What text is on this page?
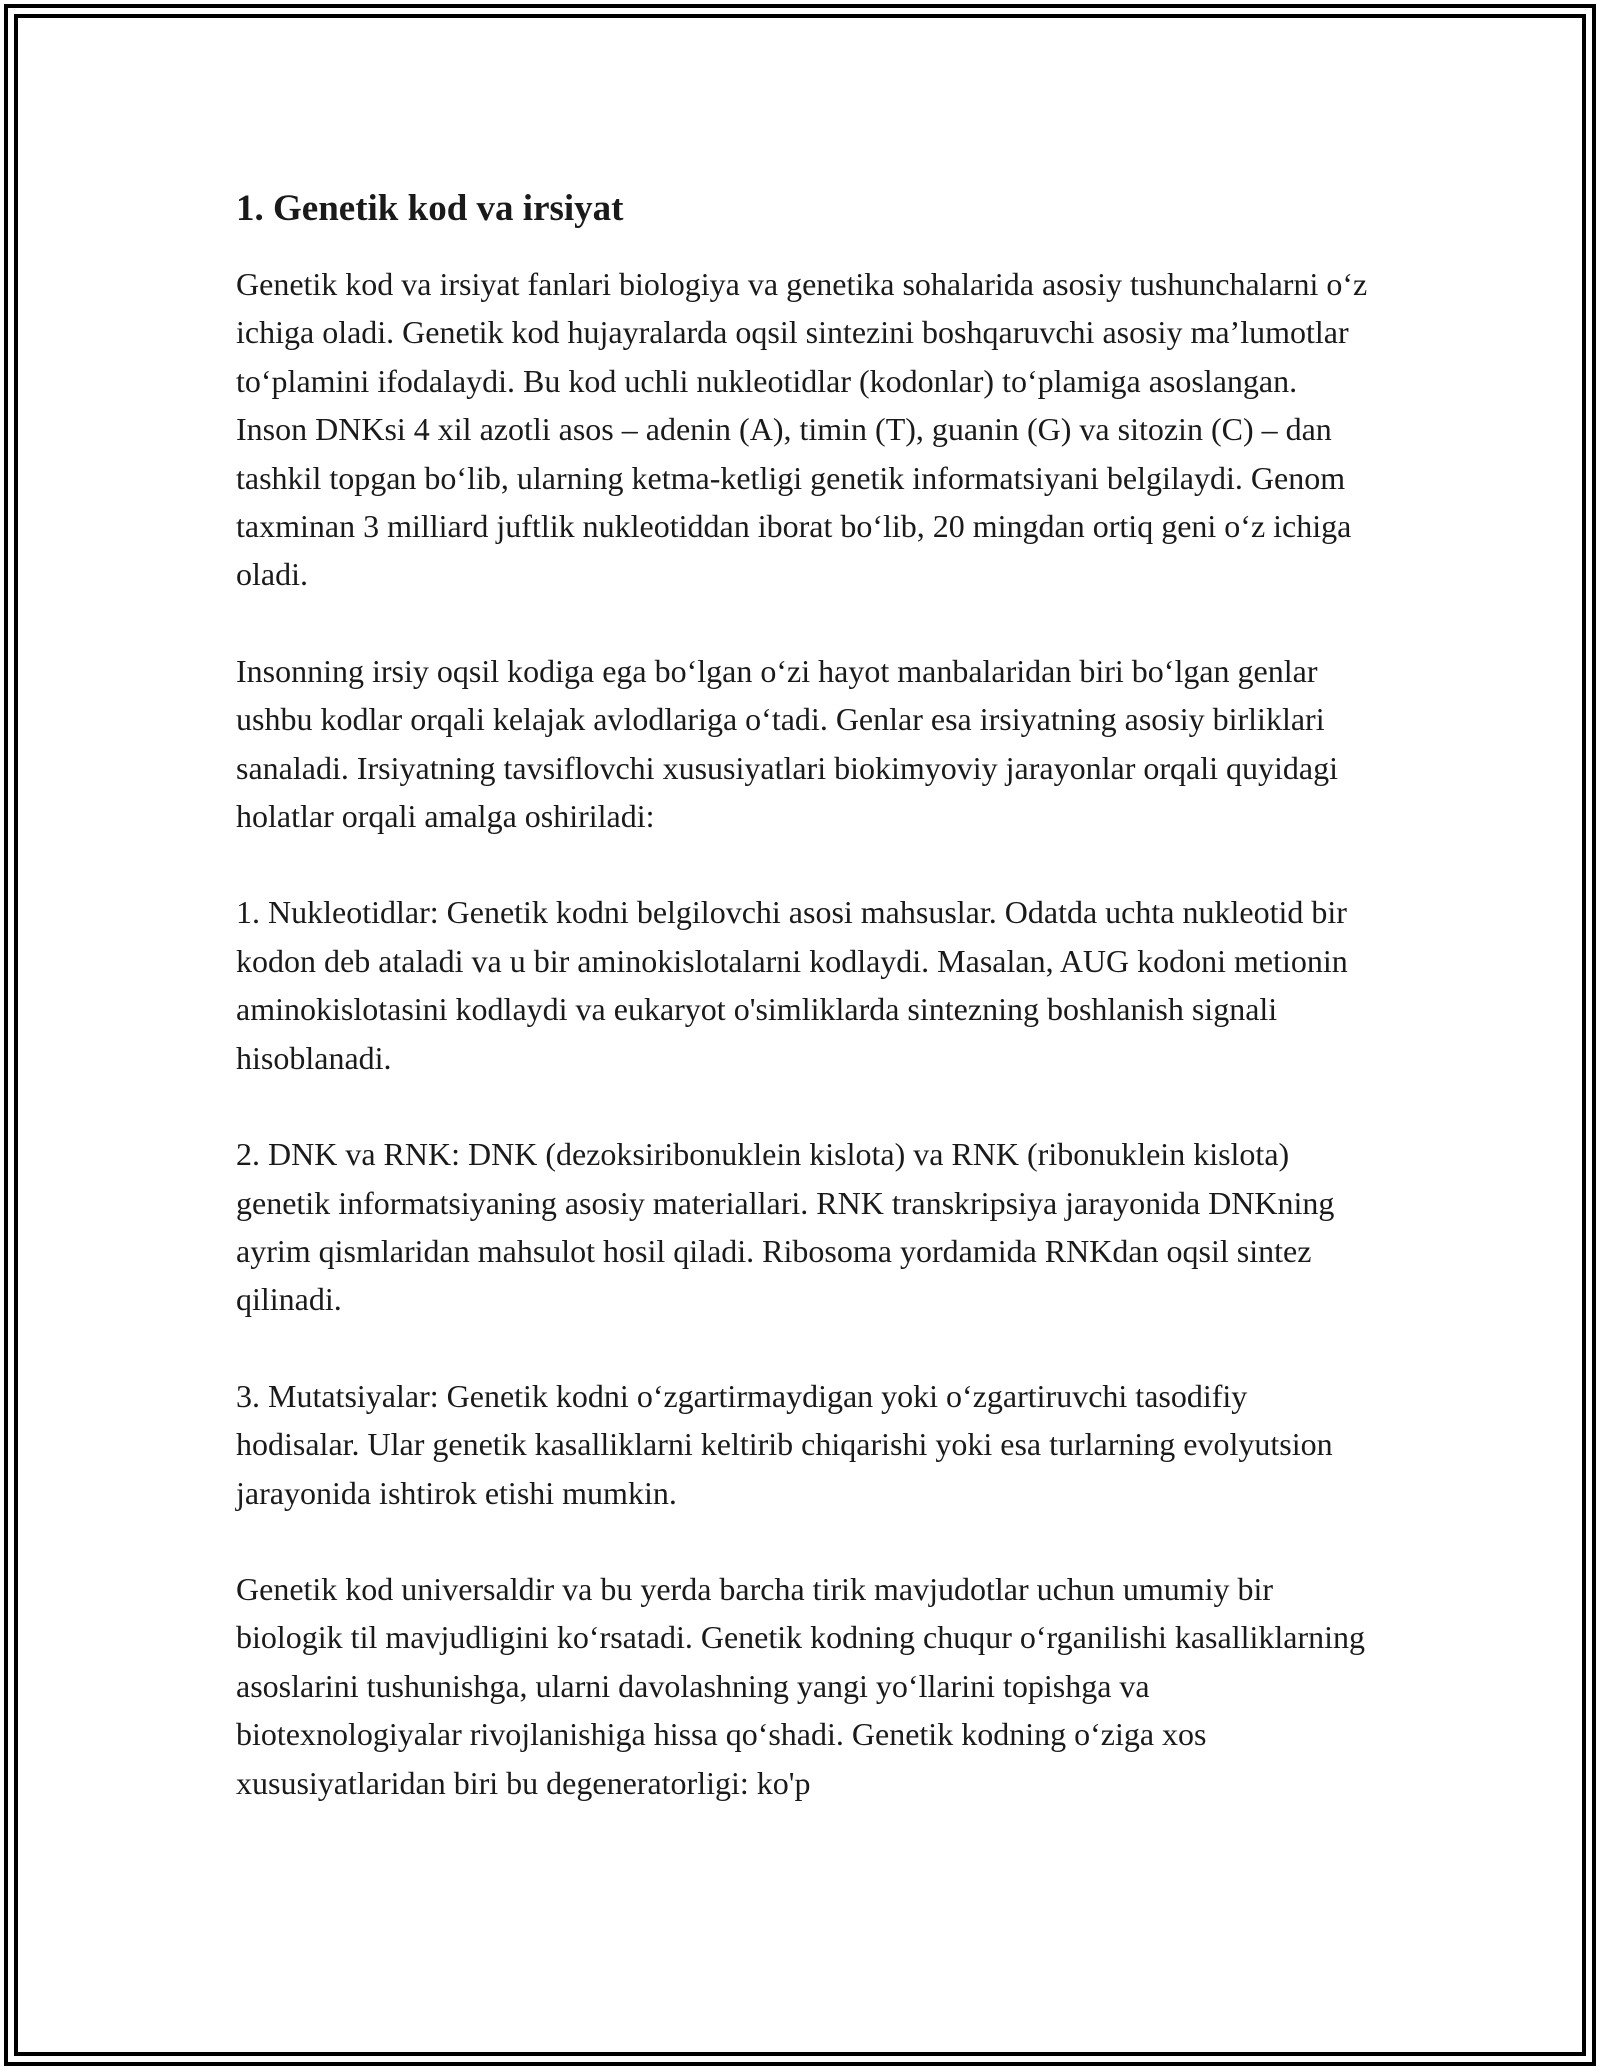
1. Genetik kod va irsiyat

Genetik kod va irsiyat fanlari biologiya va genetika sohalarida asosiy tushunchalarni o‘z ichiga oladi. Genetik kod hujayralarda oqsil sintezini boshqaruvchi asosiy ma’lumotlar to‘plamini ifodalaydi. Bu kod uchli nukleotidlar (kodonlar) to‘plamiga asoslangan. Inson DNKsi 4 xil azotli asos – adenin (A), timin (T), guanin (G) va sitozin (C) – dan tashkil topgan bo‘lib, ularning ketma-ketligi genetik informatsiyani belgilaydi. Genom taxminan 3 milliard juftlik nukleotiddan iborat bo‘lib, 20 mingdan ortiq geni o‘z ichiga oladi.

Insonning irsiy oqsil kodiga ega bo‘lgan o‘zi hayot manbalaridan biri bo‘lgan genlar ushbu kodlar orqali kelajak avlodlariga o‘tadi. Genlar esa irsiyatning asosiy birliklari sanaladi. Irsiyatning tavsiflovchi xususiyatlari biokimyoviy jarayonlar orqali quyidagi holatlar orqali amalga oshiriladi:

1. Nukleotidlar: Genetik kodni belgilovchi asosi mahsuslar. Odatda uchta nukleotid bir kodon deb ataladi va u bir aminokislotalarni kodlaydi. Masalan, AUG kodoni metionin aminokislotasini kodlaydi va eukaryot o'simliklarda sintezning boshlanish signali hisoblanadi.

2. DNK va RNK: DNK (dezoksiribonuklein kislota) va RNK (ribonuklein kislota) genetik informatsiyaning asosiy materiallari. RNK transkripsiya jarayonida DNKning ayrim qismlaridan mahsulot hosil qiladi. Ribosoma yordamida RNKdan oqsil sintez qilinadi.

3. Mutatsiyalar: Genetik kodni o‘zgartirmaydigan yoki o‘zgartiruvchi tasodifiy hodisalar. Ular genetik kasalliklarni keltirib chiqarishi yoki esa turlarning evolyutsion jarayonida ishtirok etishi mumkin.

Genetik kod universaldir va bu yerda barcha tirik mavjudotlar uchun umumiy bir biologik til mavjudligini ko‘rsatadi. Genetik kodning chuqur o‘rganilishi kasalliklarning asoslarini tushunishga, ularni davolashning yangi yo‘llarini topishga va biotexnologiyalar rivojlanishiga hissa qo‘shadi. Genetik kodning o‘ziga xos xususiyatlaridan biri bu degeneratorligi: ko'p
